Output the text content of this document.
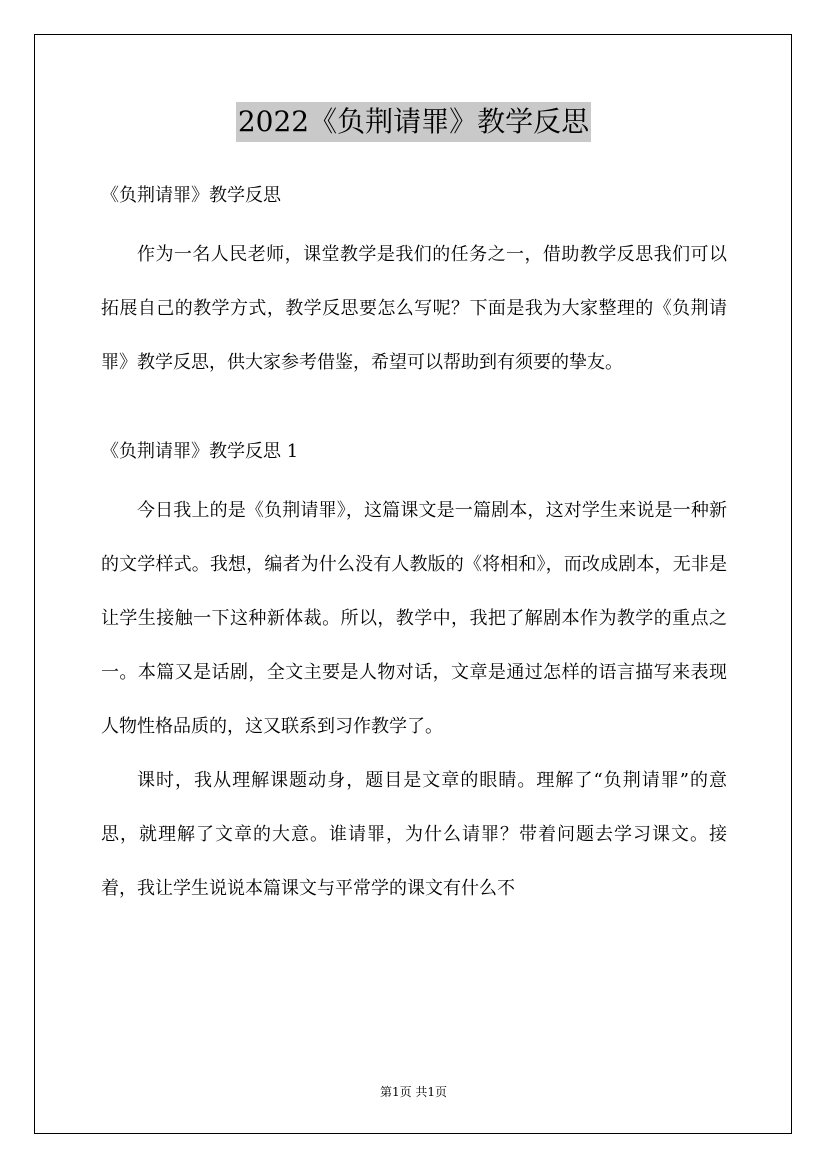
2022《负荆请罪》教学反思
《负荆请罪》教学反思

作为一名人民老师，课堂教学是我们的任务之一，借助教学反思我们可以拓展自己的教学方式，教学反思要怎么写呢？下面是我为大家整理的《负荆请罪》教学反思，供大家参考借鉴，希望可以帮助到有须要的挚友。

《负荆请罪》教学反思 1

今日我上的是《负荆请罪》，这篇课文是一篇剧本，这对学生来说是一种新的文学样式。我想，编者为什么没有人教版的《将相和》，而改成剧本，无非是让学生接触一下这种新体裁。所以，教学中，我把了解剧本作为教学的重点之一。本篇又是话剧，全文主要是人物对话，文章是通过怎样的语言描写来表现人物性格品质的，这又联系到习作教学了。

课时，我从理解课题动身，题目是文章的眼睛。理解了“负荆请罪”的意思，就理解了文章的大意。谁请罪，为什么请罪？带着问题去学习课文。接着，我让学生说说本篇课文与平常学的课文有什么不

第1页 共1页
